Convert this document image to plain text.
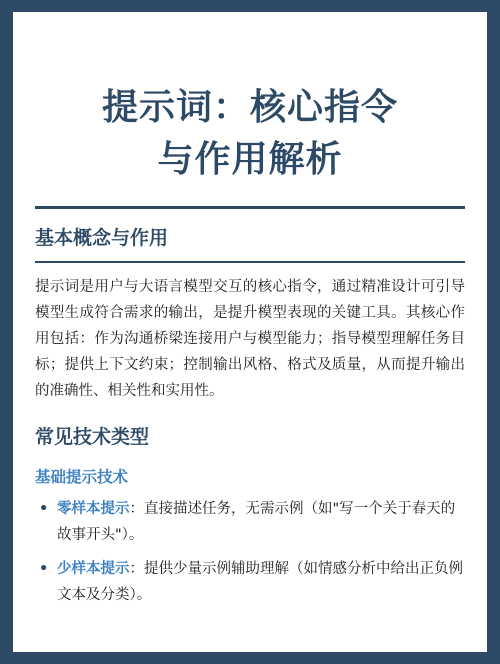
提示词：核心指令
与作用解析
基本概念与作用

提示词是用户与大语言模型交互的核心指令，通过精准设计可引导模型生成符合需求的输出，是提升模型表现的关键工具。其核心作用包括：作为沟通桥梁连接用户与模型能力；指导模型理解任务目标；提供上下文约束；控制输出风格、格式及质量，从而提升输出的准确性、相关性和实用性。

常见技术类型
基础提示技术
• 零样本提示：直接描述任务，无需示例（如"写一个关于春天的故事开头"）。
• 少样本提示：提供少量示例辅助理解（如情感分析中给出正负例文本及分类）。
